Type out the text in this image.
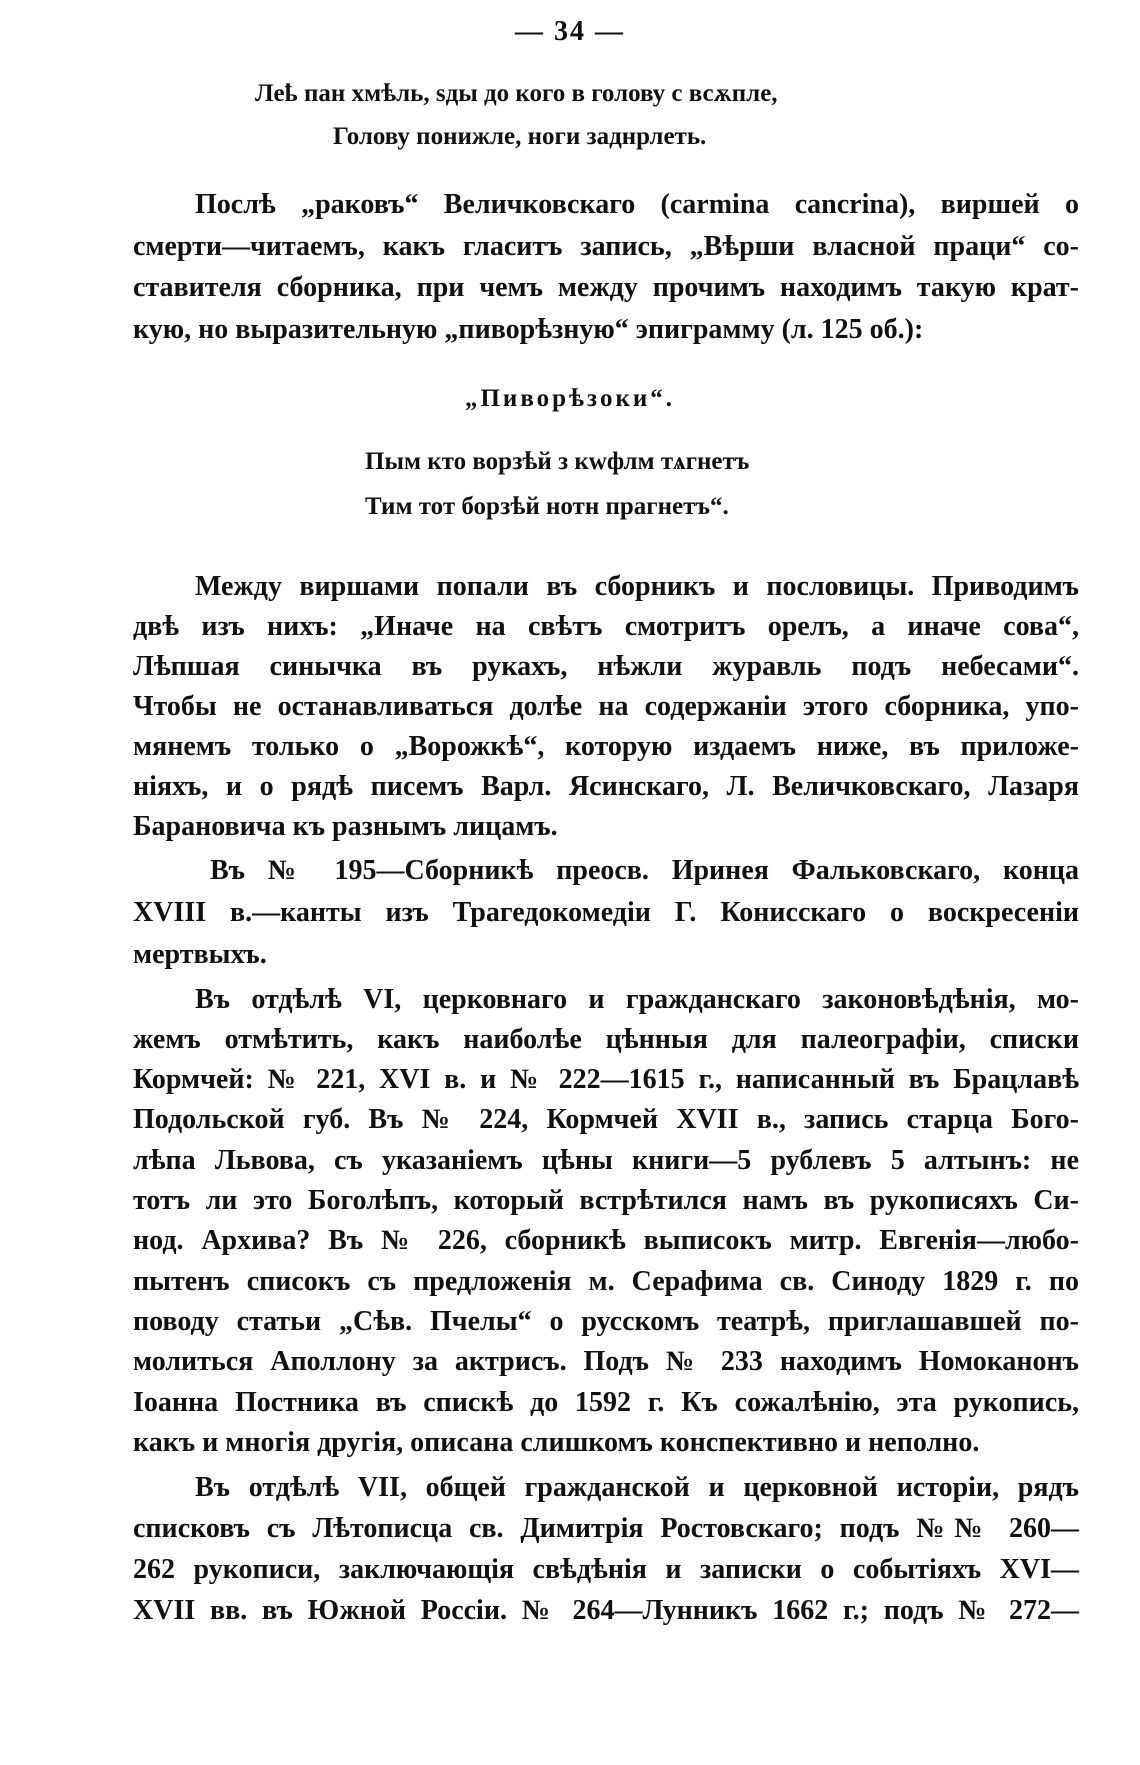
— 34 —
Леҍ пан хмѣль, ѕды до кого в голову с всѫпле,
Голову понижле, ноги заднрлеть.
Послѣ „раковъ“ Величковскаго (carmina cancrina), виршей о
смерти—читаемъ, какъ гласитъ запись, „Вѣрши власной праци“ со-
ставителя сборника, при чемъ между прочимъ находимъ такую крат-
кую, но выразительную „пиворѣзную“ эпиграмму (л. 125 об.):
„Пиворѣзоки“.
Пым кто ворзѣй з кwфлм тѧгнетъ
Тим тот борзѣй нотн прагнетъ“.
Между виршами попали въ сборникъ и пословицы. Приводимъ
двѣ изъ нихъ: „Иначе на свѣтъ смотритъ орелъ, а иначе сова“,
Лѣпшая синычка въ рукахъ, нѣжли журавль подъ небесами“.
Чтобы не останавливаться долѣе на содержаніи этого сборника, упо-
мянемъ только о „Ворожкѣ“, которую издаемъ ниже, въ приложе-
ніяхъ, и о рядѣ писемъ Варл. Ясинскаго, Л. Величковскаго, Лазаря
Барановича къ разнымъ лицамъ.
Въ № 195—Сборникѣ преосв. Иринея Фальковскаго, конца
XVIII в.—канты изъ Трагедокомедіи Г. Конисскаго о воскресеніи
мертвыхъ.
Въ отдѣлѣ VI, церковнаго и гражданскаго законовѣдѣнія, мо-
жемъ отмѣтить, какъ наиболѣе цѣнныя для палеографіи, списки
Кормчей: № 221, XVI в. и № 222—1615 г., написанный въ Брацлавѣ
Подольской губ. Въ № 224, Кормчей XVII в., запись старца Бого-
лѣпа Львова, съ указаніемъ цѣны книги—5 рублевъ 5 алтынъ: не
тотъ ли это Боголѣпъ, который встрѣтился намъ въ рукописяхъ Си-
нод. Архива? Въ № 226, сборникѣ выписокъ митр. Евгенія—любо-
пытенъ списокъ съ предложенія м. Серафима св. Синоду 1829 г. по
поводу статьи „Сѣв. Пчелы“ о русскомъ театрѣ, приглашавшей по-
молиться Аполлону за актрисъ. Подъ № 233 находимъ Номоканонъ
Іоанна Постника въ спискѣ до 1592 г. Къ сожалѣнію, эта рукопись,
какъ и многія другія, описана слишкомъ конспективно и неполно.
Въ отдѣлѣ VII, общей гражданской и церковной исторіи, рядъ
списковъ съ Лѣтописца св. Димитрія Ростовскаго; подъ №№ 260—
262 рукописи, заключающія свѣдѣнія и записки о событіяхъ XVI—
XVII вв. въ Южной Россіи. № 264—Лунникъ 1662 г.; подъ № 272—
